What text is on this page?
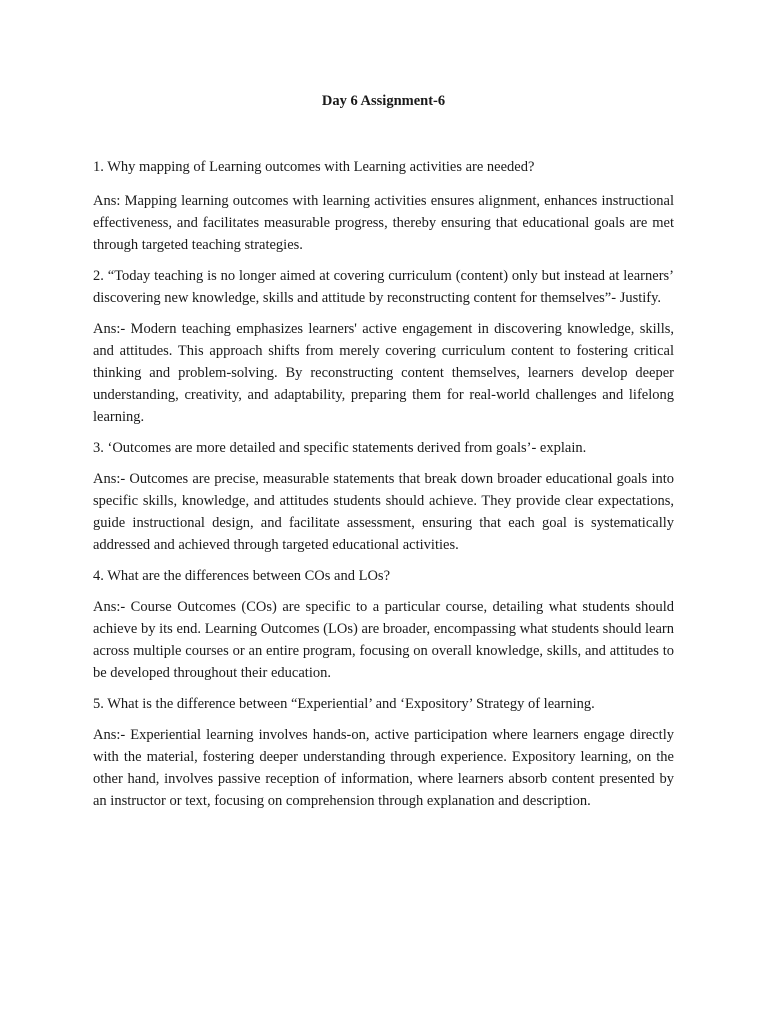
Day 6 Assignment-6

1. Why mapping of Learning outcomes with Learning activities are needed?

Ans: Mapping learning outcomes with learning activities ensures alignment, enhances instructional effectiveness, and facilitates measurable progress, thereby ensuring that educational goals are met through targeted teaching strategies.

2. “Today teaching is no longer aimed at covering curriculum (content) only but instead at learners’ discovering new knowledge, skills and attitude by reconstructing content for themselves”- Justify.

Ans:- Modern teaching emphasizes learners' active engagement in discovering knowledge, skills, and attitudes. This approach shifts from merely covering curriculum content to fostering critical thinking and problem-solving. By reconstructing content themselves, learners develop deeper understanding, creativity, and adaptability, preparing them for real-world challenges and lifelong learning.

3. ‘Outcomes are more detailed and specific statements derived from goals’- explain.

Ans:- Outcomes are precise, measurable statements that break down broader educational goals into specific skills, knowledge, and attitudes students should achieve. They provide clear expectations, guide instructional design, and facilitate assessment, ensuring that each goal is systematically addressed and achieved through targeted educational activities.

4. What are the differences between COs and LOs?

Ans:- Course Outcomes (COs) are specific to a particular course, detailing what students should achieve by its end. Learning Outcomes (LOs) are broader, encompassing what students should learn across multiple courses or an entire program, focusing on overall knowledge, skills, and attitudes to be developed throughout their education.

5. What is the difference between “Experiential’ and ‘Expository’ Strategy of learning.

Ans:- Experiential learning involves hands-on, active participation where learners engage directly with the material, fostering deeper understanding through experience. Expository learning, on the other hand, involves passive reception of information, where learners absorb content presented by an instructor or text, focusing on comprehension through explanation and description.
